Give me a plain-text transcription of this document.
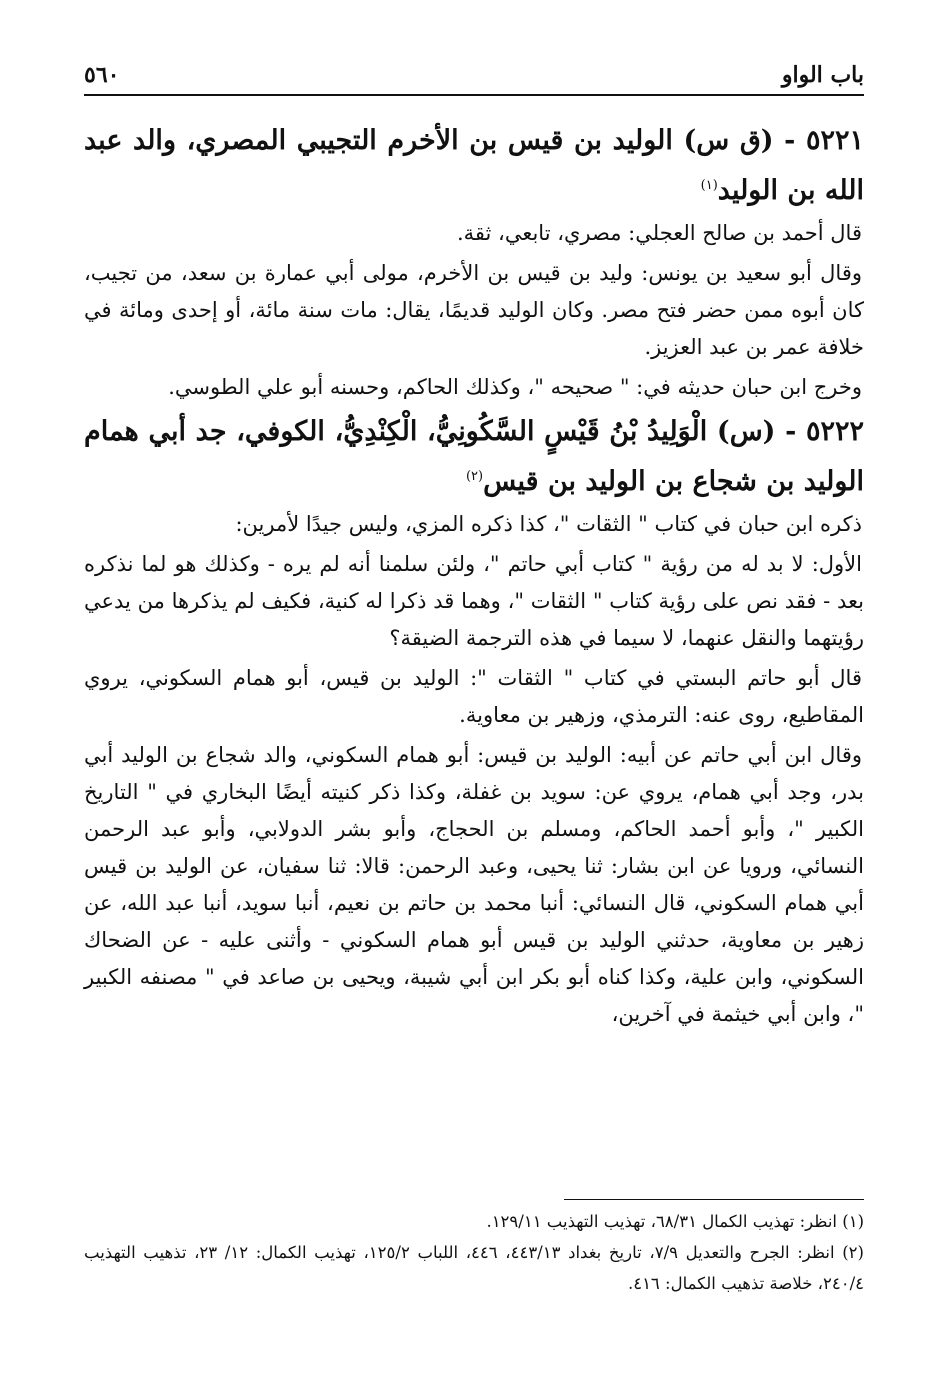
باب الواو
٥٦٠

٥٢٢١ - (ق س) الوليد بن قيس بن الأخرم التجيبي المصري، والد عبد الله بن الوليد$^{(١)}$

قال أحمد بن صالح العجلي: مصري، تابعي، ثقة.

وقال أبو سعيد بن يونس: وليد بن قيس بن الأخرم، مولى أبي عمارة بن سعد، من تجيب، كان أبوه ممن حضر فتح مصر. وكان الوليد قديمًا، يقال: مات سنة مائة، أو إحدى ومائة في خلافة عمر بن عبد العزيز.

وخرج ابن حبان حديثه في: " صحيحه "، وكذلك الحاكم، وحسنه أبو علي الطوسي.

٥٢٢٢ - (س) الْوَلِيدُ بْنُ قَيْسٍ السَّكُونِيُّ، الْكِنْدِيُّ، الكوفي، جد أبي همام الوليد بن شجاع بن الوليد بن قيس$^{(٢)}$

ذكره ابن حبان في كتاب " الثقات "، كذا ذكره المزي، وليس جيدًا لأمرين:

الأول: لا بد له من رؤية " كتاب أبي حاتم "، ولئن سلمنا أنه لم يره - وكذلك هو لما نذكره بعد - فقد نص على رؤية كتاب " الثقات "، وهما قد ذكرا له كنية، فكيف لم يذكرها من يدعي رؤيتهما والنقل عنهما، لا سيما في هذه الترجمة الضيقة؟

قال أبو حاتم البستي في كتاب " الثقات ": الوليد بن قيس، أبو همام السكوني، يروي المقاطيع، روى عنه: الترمذي، وزهير بن معاوية.

وقال ابن أبي حاتم عن أبيه: الوليد بن قيس: أبو همام السكوني، والد شجاع بن الوليد أبي بدر، وجد أبي همام، يروي عن: سويد بن غفلة، وكذا ذكر كنيته أيضًا البخاري في " التاريخ الكبير "، وأبو أحمد الحاكم، ومسلم بن الحجاج، وأبو بشر الدولابي، وأبو عبد الرحمن النسائي، ورويا عن ابن بشار: ثنا يحيى، وعبد الرحمن: قالا: ثنا سفيان، عن الوليد بن قيس أبي همام السكوني، قال النسائي: أنبا محمد بن حاتم بن نعيم، أنبا سويد، أنبا عبد الله، عن زهير بن معاوية، حدثني الوليد بن قيس أبو همام السكوني - وأثنى عليه - عن الضحاك السكوني، وابن علية، وكذا كناه أبو بكر ابن أبي شيبة، ويحيى بن صاعد في " مصنفه الكبير "، وابن أبي خيثمة في آخرين،

(١) انظر: تهذيب الكمال ٦٨/٣١، تهذيب التهذيب ١٢٩/١١.

(٢) انظر: الجرح والتعديل ٧/٩، تاريخ بغداد ٤٤٣/١٣، ٤٤٦، اللباب ١٢٥/٢، تهذيب الكمال: ١٢/ ٢٣، تذهيب التهذيب ٢٤٠/٤، خلاصة تذهيب الكمال: ٤١٦.
